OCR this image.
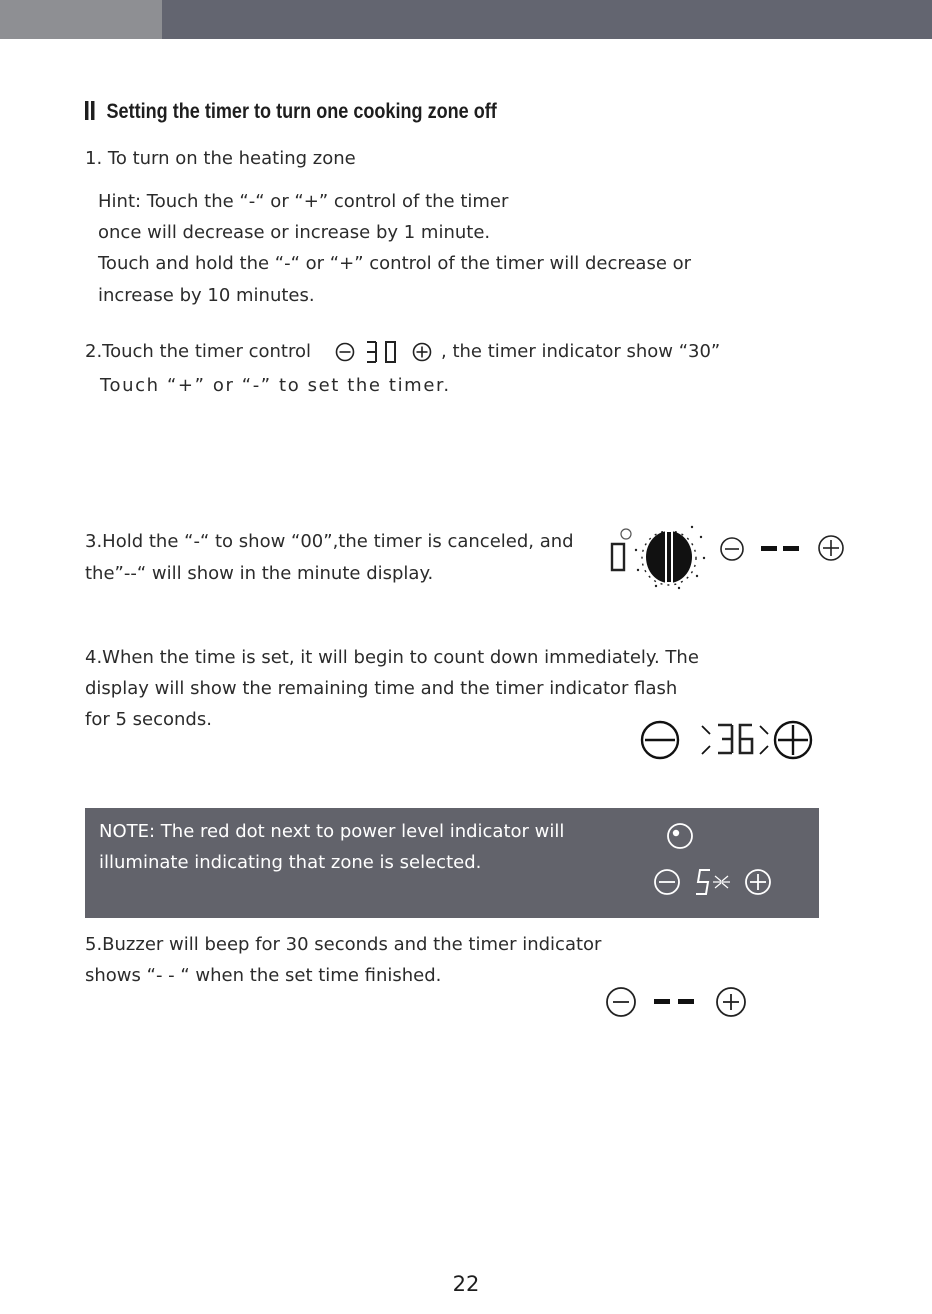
Setting the timer to turn one cooking zone off
1. To turn on the heating zone
Hint: Touch the “-“ or “+” control of the timer
once will decrease or increase by 1 minute.
Touch and hold the “-“ or “+” control of the timer will decrease or
increase by 10 minutes.
2.Touch the timer control	, the timer indicator show “30”
Touch “+” or “-” to set the timer.
3.Hold the “-“ to show “00”,the timer is canceled, and
the”--“ will show in the minute display.
4.When the time is set, it will begin to count down immediately. The
display will show the remaining time and the timer indicator flash
for 5 seconds.
NOTE: The red dot next to power level indicator will
illuminate indicating that zone is selected.
5.Buzzer will beep for 30 seconds and the timer indicator
shows “- - “ when the set time finished.
22
